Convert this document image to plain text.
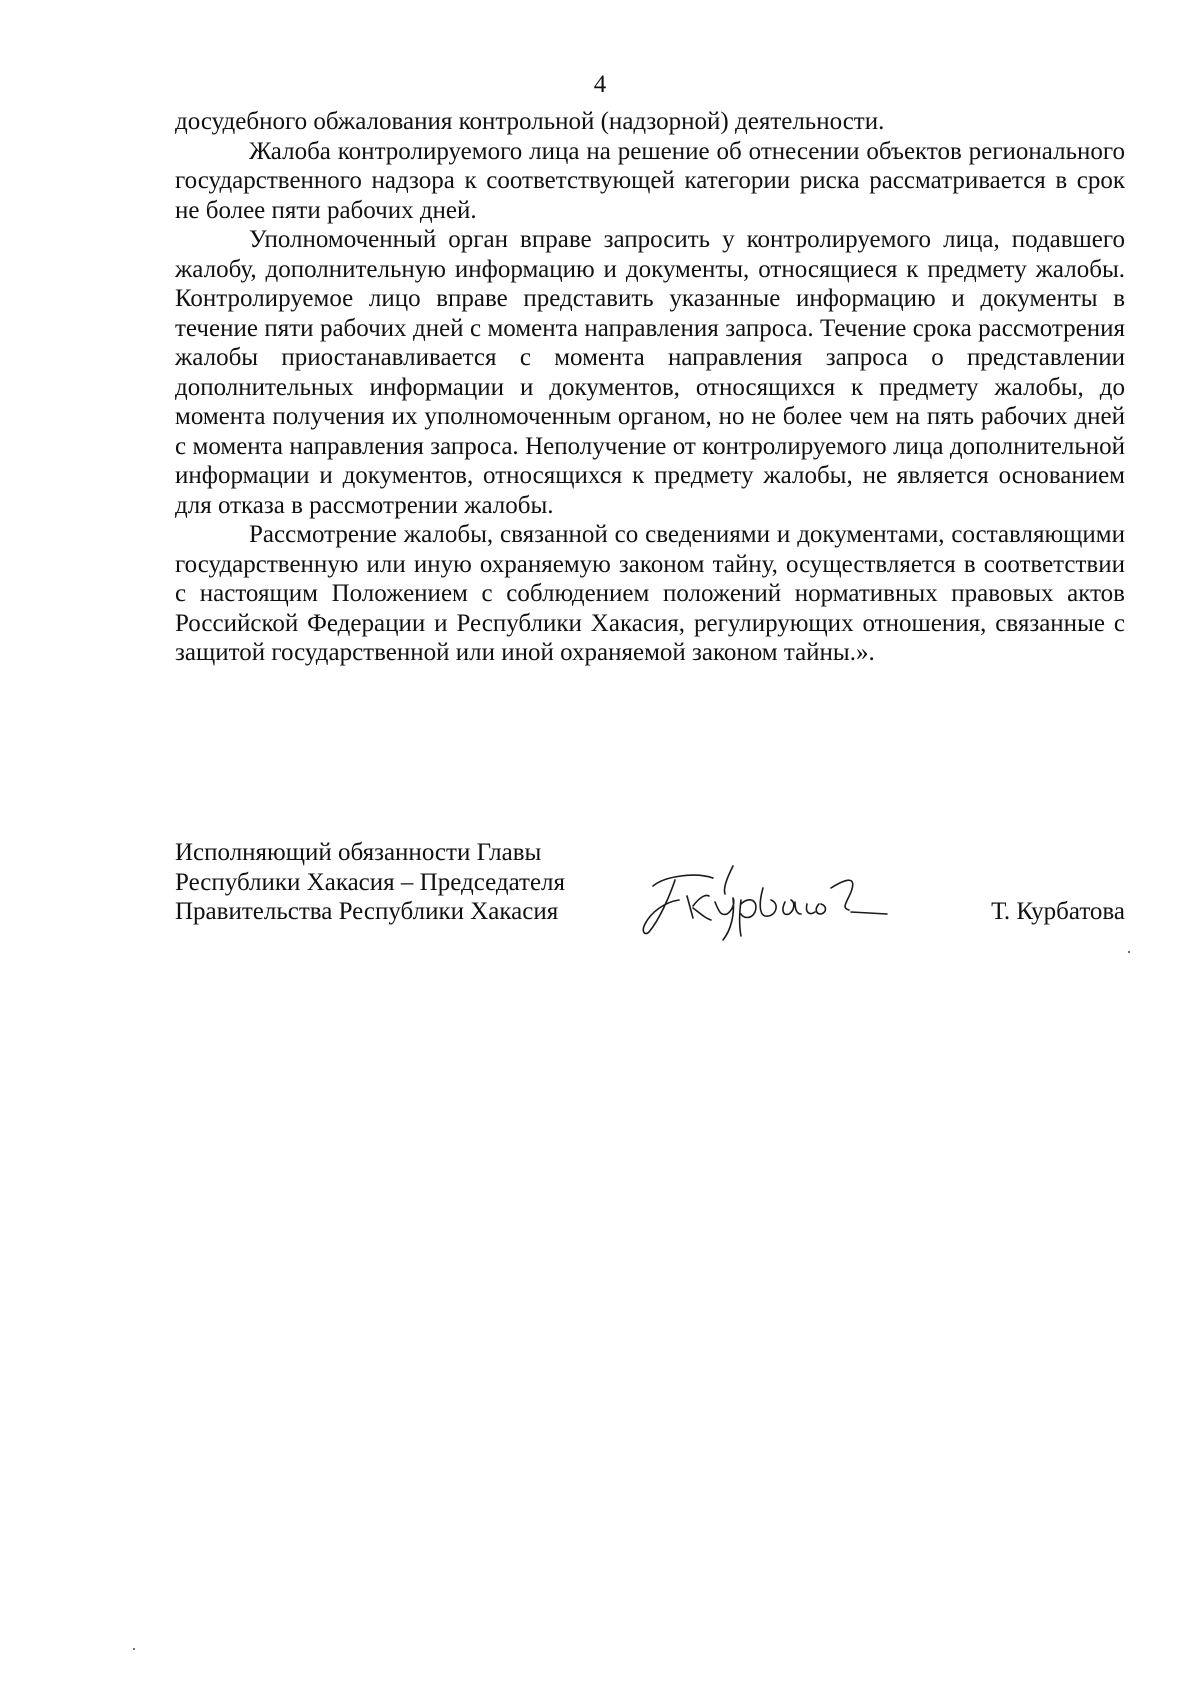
4

досудебного обжалования контрольной (надзорной) деятельности.

Жалоба контролируемого лица на решение об отнесении объектов регионального государственного надзора к соответствующей категории риска рассматривается в срок не более пяти рабочих дней.

Уполномоченный орган вправе запросить у контролируемого лица, подавшего жалобу, дополнительную информацию и документы, относящиеся к предмету жалобы. Контролируемое лицо вправе представить указанные информацию и документы в течение пяти рабочих дней с момента направления запроса. Течение срока рассмотрения жалобы приостанавливается с момента направления запроса о представлении дополнительных информации и документов, относящихся к предмету жалобы, до момента получения их уполномоченным органом, но не более чем на пять рабочих дней с момента направления запроса. Неполучение от контролируемого лица дополнительной информации и документов, относящихся к предмету жалобы, не является основанием для отказа в рассмотрении жалобы.

Рассмотрение жалобы, связанной со сведениями и документами, составляющими государственную или иную охраняемую законом тайну, осуществляется в соответствии с настоящим Положением с соблюдением положений нормативных правовых актов Российской Федерации и Республики Хакасия, регулирующих отношения, связанные с защитой государственной или иной охраняемой законом тайны.».

Исполняющий обязанности Главы
Республики Хакасия – Председателя
Правительства Республики Хакасия	Т. Курбатова
